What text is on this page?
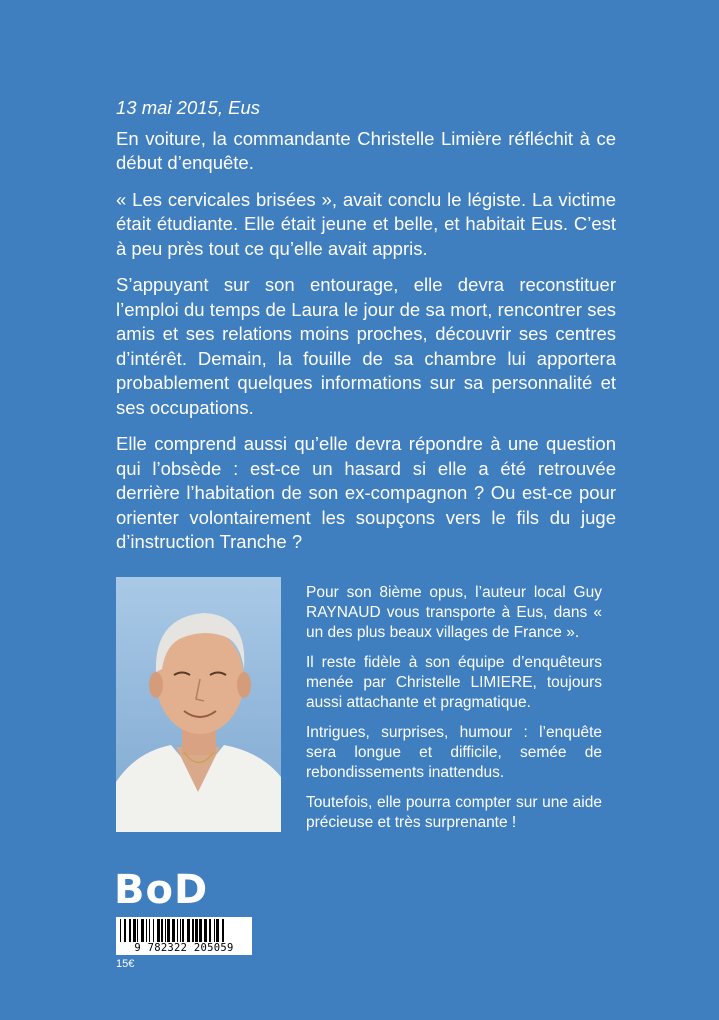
13 mai 2015, Eus

En voiture, la commandante Christelle Limière réfléchit à ce début d’enquête.

« Les cervicales brisées », avait conclu le légiste. La victime était étudiante. Elle était jeune et belle, et habitait Eus. C’est à peu près tout ce qu’elle avait appris.

S’appuyant sur son entourage, elle devra reconstituer l’emploi du temps de Laura le jour de sa mort, rencontrer ses amis et ses relations moins proches, découvrir ses centres d’intérêt. Demain, la fouille de sa chambre lui apportera probablement quelques informations sur sa personnalité et ses occupations.

Elle comprend aussi qu’elle devra répondre à une question qui l’obsède : est-ce un hasard si elle a été retrouvée derrière l’habitation de son ex-compagnon ? Ou est-ce pour orienter volontairement les soupçons vers le fils du juge d’instruction Tranche ?

Pour son 8ième opus, l’auteur local Guy RAYNAUD vous transporte à Eus, dans « un des plus beaux villages de France ».

Il reste fidèle à son équipe d’enquêteurs menée par Christelle LIMIERE, toujours aussi attachante et pragmatique.

Intrigues, surprises, humour : l’enquête sera longue et difficile, semée de rebondissements inattendus.

Toutefois, elle pourra compter sur une aide précieuse et très surprenante !

BoD
9 782322 205059
15€
